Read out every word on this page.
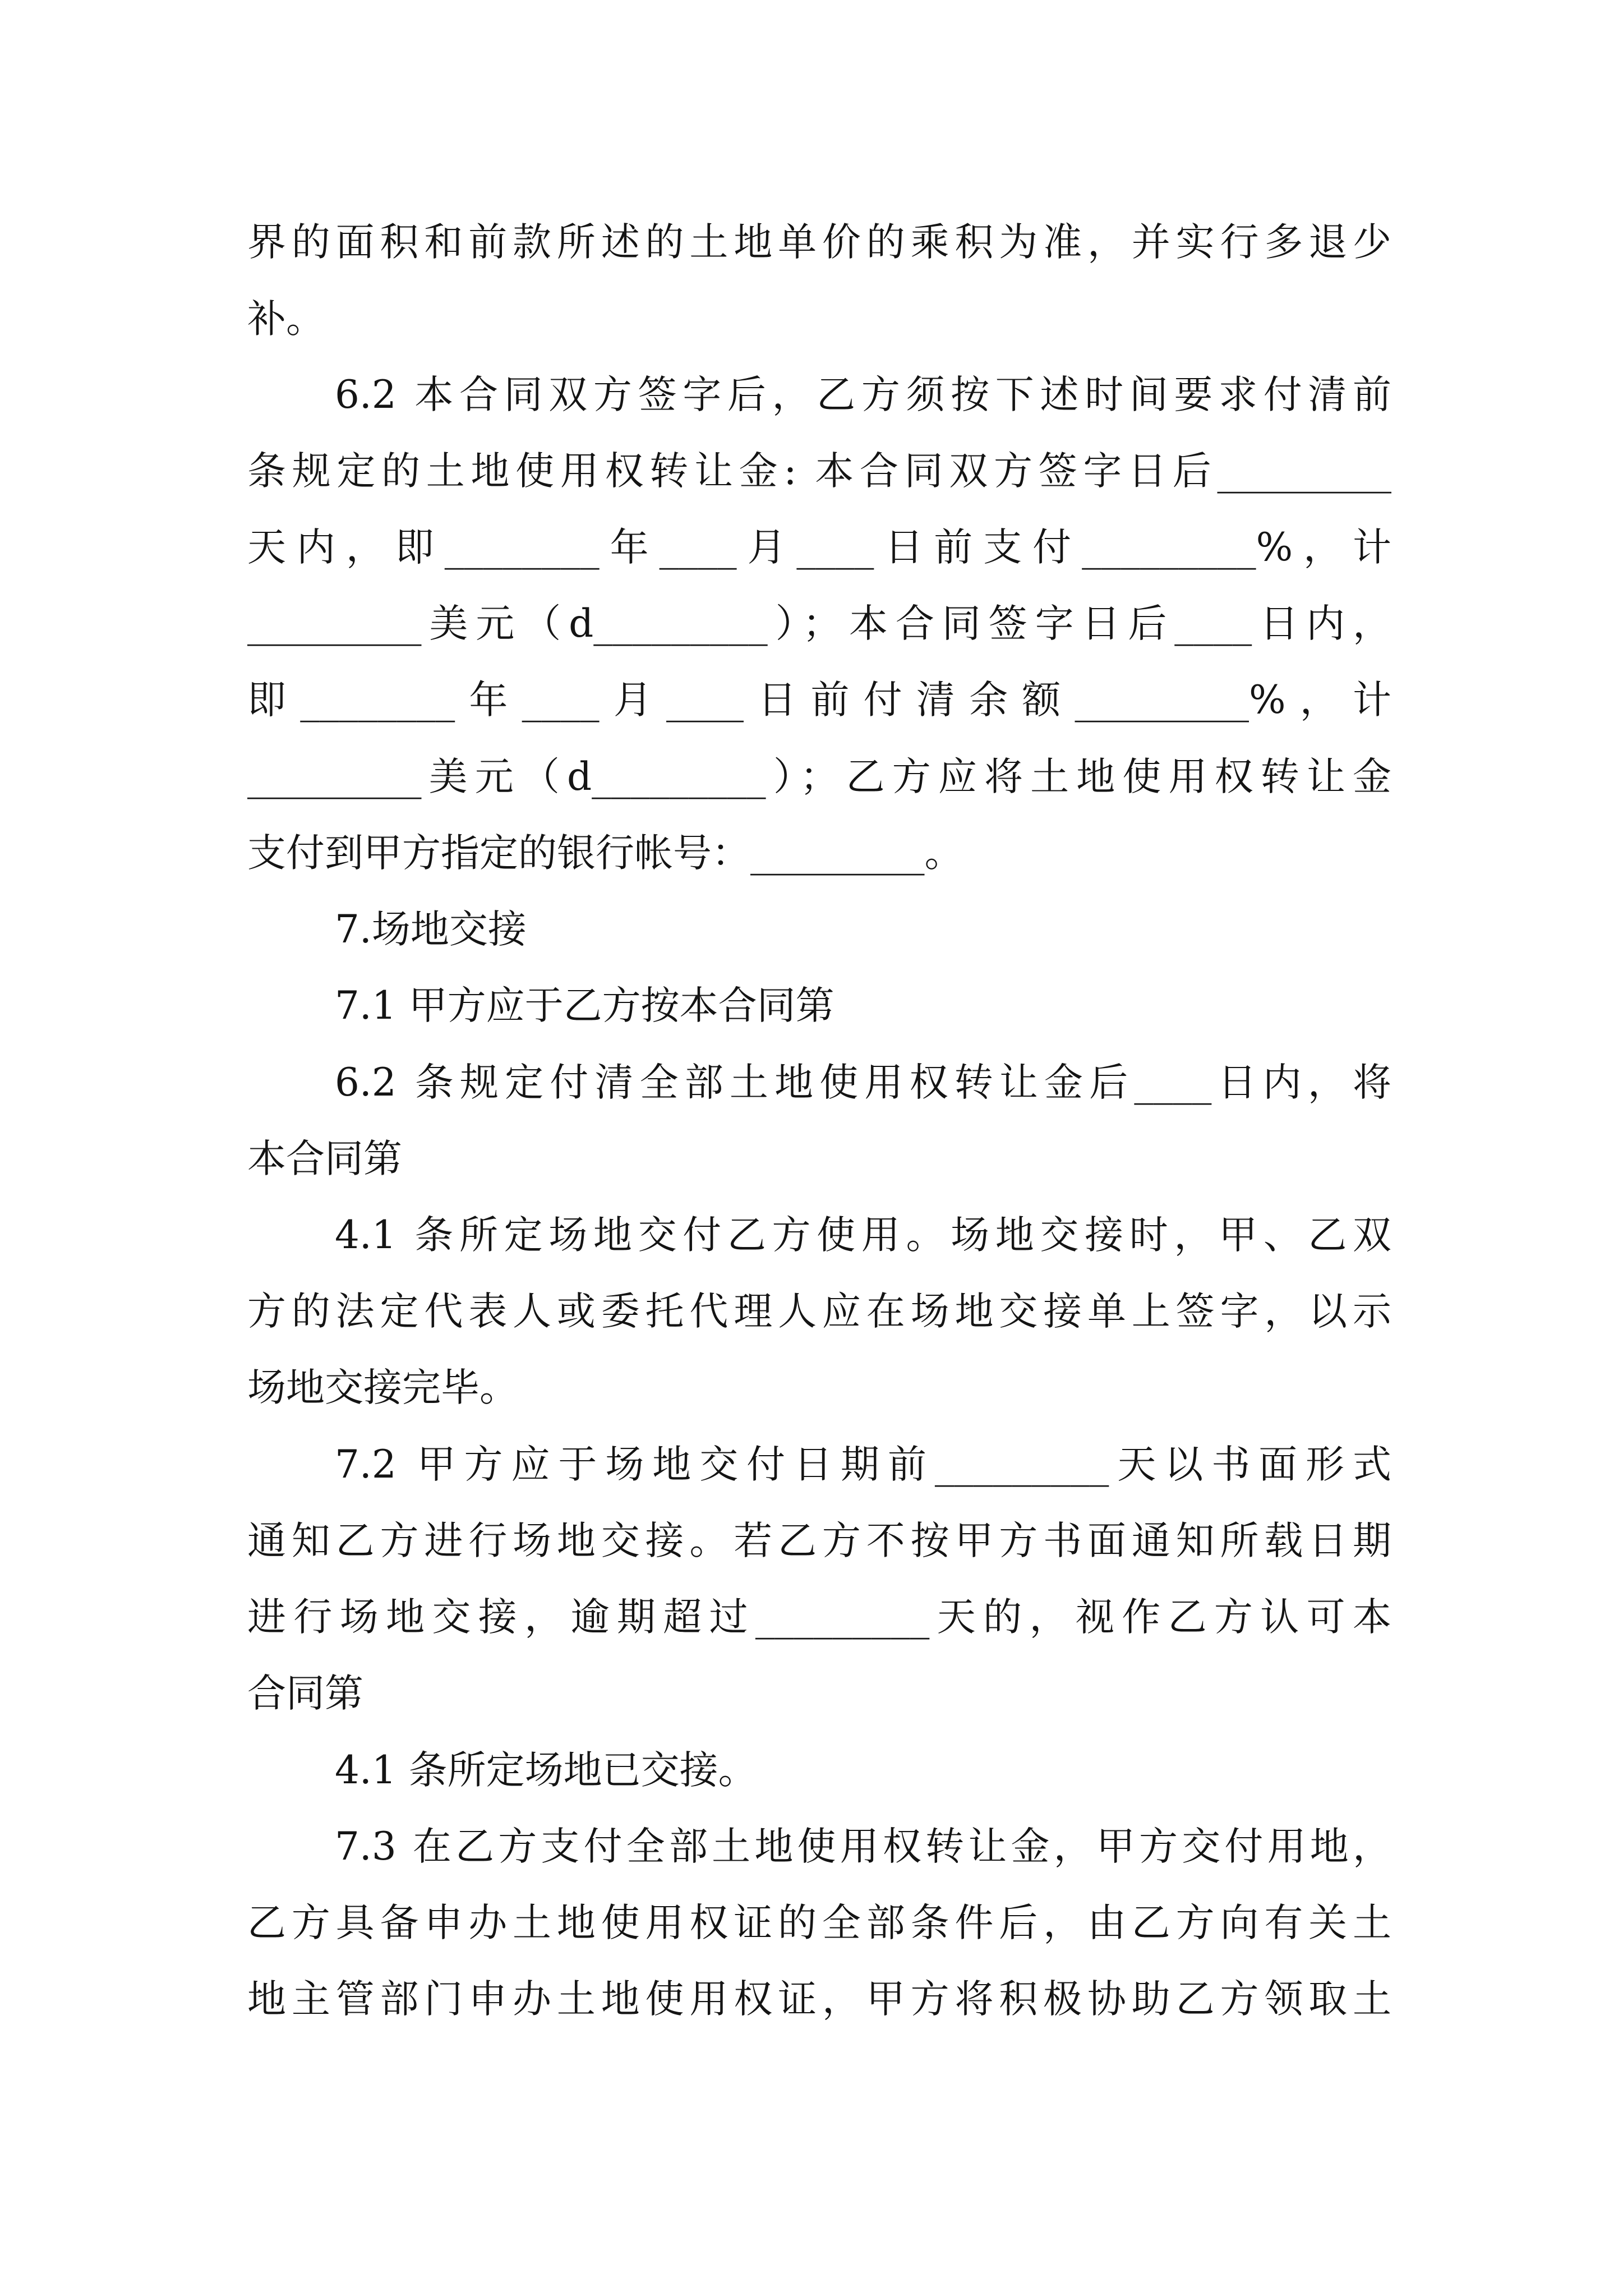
界的面积和前款所述的土地单价的乘积为准，并实行多退少
补。
6.2 本合同双方签字后，乙方须按下述时间要求付清前
条规定的土地使用权转让金: 本合同双方签字日后_________
天内，即________年____月____日前支付_________%，计
_________美元（d_________）；本合同签字日后____日内，
即________年____月____日前付清余额_________%，计
_________美元（d_________）；乙方应将土地使用权转让金
支付到甲方指定的银行帐号：_________。
7.场地交接
7.1 甲方应于乙方按本合同第
6.2 条规定付清全部土地使用权转让金后____日内，将
本合同第
4.1 条所定场地交付乙方使用。场地交接时，甲、乙双
方的法定代表人或委托代理人应在场地交接单上签字，以示
场地交接完毕。
7.2 甲方应于场地交付日期前_________天以书面形式
通知乙方进行场地交接。若乙方不按甲方书面通知所载日期
进行场地交接，逾期超过_________天的，视作乙方认可本
合同第
4.1 条所定场地已交接。
7.3 在乙方支付全部土地使用权转让金，甲方交付用地，
乙方具备申办土地使用权证的全部条件后，由乙方向有关土
地主管部门申办土地使用权证，甲方将积极协助乙方领取土
